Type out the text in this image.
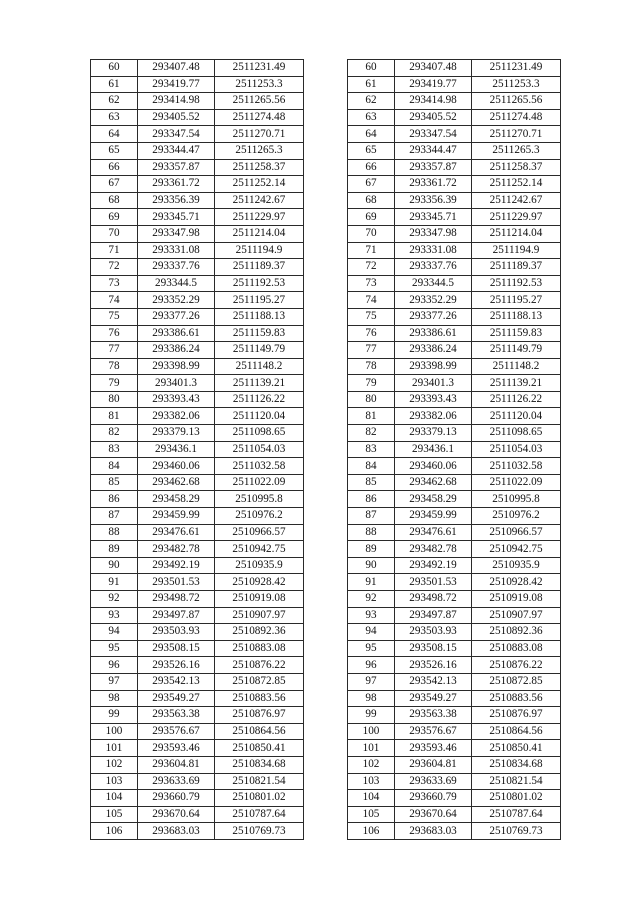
60	293407.48	2511231.49
61	293419.77	2511253.3
62	293414.98	2511265.56
63	293405.52	2511274.48
64	293347.54	2511270.71
65	293344.47	2511265.3
66	293357.87	2511258.37
67	293361.72	2511252.14
68	293356.39	2511242.67
69	293345.71	2511229.97
70	293347.98	2511214.04
71	293331.08	2511194.9
72	293337.76	2511189.37
73	293344.5	2511192.53
74	293352.29	2511195.27
75	293377.26	2511188.13
76	293386.61	2511159.83
77	293386.24	2511149.79
78	293398.99	2511148.2
79	293401.3	2511139.21
80	293393.43	2511126.22
81	293382.06	2511120.04
82	293379.13	2511098.65
83	293436.1	2511054.03
84	293460.06	2511032.58
85	293462.68	2511022.09
86	293458.29	2510995.8
87	293459.99	2510976.2
88	293476.61	2510966.57
89	293482.78	2510942.75
90	293492.19	2510935.9
91	293501.53	2510928.42
92	293498.72	2510919.08
93	293497.87	2510907.97
94	293503.93	2510892.36
95	293508.15	2510883.08
96	293526.16	2510876.22
97	293542.13	2510872.85
98	293549.27	2510883.56
99	293563.38	2510876.97
100	293576.67	2510864.56
101	293593.46	2510850.41
102	293604.81	2510834.68
103	293633.69	2510821.54
104	293660.79	2510801.02
105	293670.64	2510787.64
106	293683.03	2510769.73
60	293407.48	2511231.49
61	293419.77	2511253.3
62	293414.98	2511265.56
63	293405.52	2511274.48
64	293347.54	2511270.71
65	293344.47	2511265.3
66	293357.87	2511258.37
67	293361.72	2511252.14
68	293356.39	2511242.67
69	293345.71	2511229.97
70	293347.98	2511214.04
71	293331.08	2511194.9
72	293337.76	2511189.37
73	293344.5	2511192.53
74	293352.29	2511195.27
75	293377.26	2511188.13
76	293386.61	2511159.83
77	293386.24	2511149.79
78	293398.99	2511148.2
79	293401.3	2511139.21
80	293393.43	2511126.22
81	293382.06	2511120.04
82	293379.13	2511098.65
83	293436.1	2511054.03
84	293460.06	2511032.58
85	293462.68	2511022.09
86	293458.29	2510995.8
87	293459.99	2510976.2
88	293476.61	2510966.57
89	293482.78	2510942.75
90	293492.19	2510935.9
91	293501.53	2510928.42
92	293498.72	2510919.08
93	293497.87	2510907.97
94	293503.93	2510892.36
95	293508.15	2510883.08
96	293526.16	2510876.22
97	293542.13	2510872.85
98	293549.27	2510883.56
99	293563.38	2510876.97
100	293576.67	2510864.56
101	293593.46	2510850.41
102	293604.81	2510834.68
103	293633.69	2510821.54
104	293660.79	2510801.02
105	293670.64	2510787.64
106	293683.03	2510769.73
